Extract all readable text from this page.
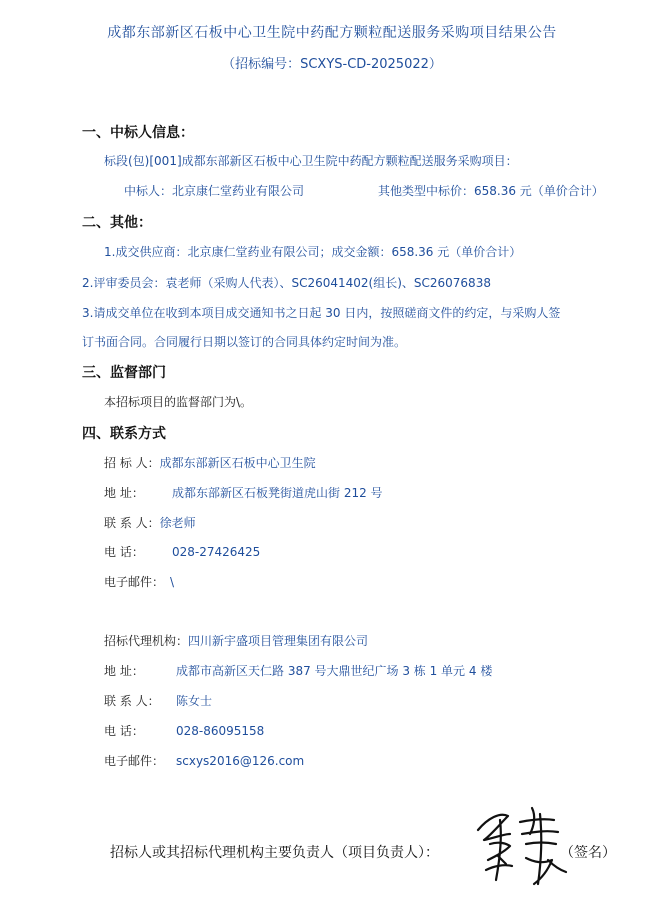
成都东部新区石板中心卫生院中药配方颗粒配送服务采购项目结果公告
（招标编号：SCXYS-CD-2025022）
一、中标人信息：
标段(包)[001]成都东部新区石板中心卫生院中药配方颗粒配送服务采购项目：
中标人：北京康仁堂药业有限公司	其他类型中标价：658.36 元（单价合计）
二、其他：
1.成交供应商：北京康仁堂药业有限公司；成交金额：658.36 元（单价合计）
2.评审委员会：袁老师（采购人代表）、SC26041402(组长)、SC26076838
3.请成交单位在收到本项目成交通知书之日起 30 日内，按照磋商文件的约定，与采购人签
订书面合同。合同履行日期以签订的合同具体约定时间为准。
三、监督部门
本招标项目的监督部门为\。
四、联系方式
招 标 人：成都东部新区石板中心卫生院
地 址： 成都东部新区石板凳街道虎山街 212 号
联 系 人：徐老师
电 话： 028-27426425
电子邮件： \
招标代理机构：四川新宇盛项目管理集团有限公司
地 址：	成都市高新区天仁路 387 号大鼎世纪广场 3 栋 1 单元 4 楼
联 系 人： 陈女士
电 话：	028-86095158
电子邮件： scxys2016@126.com
招标人或其招标代理机构主要负责人（项目负责人）：	（签名）
